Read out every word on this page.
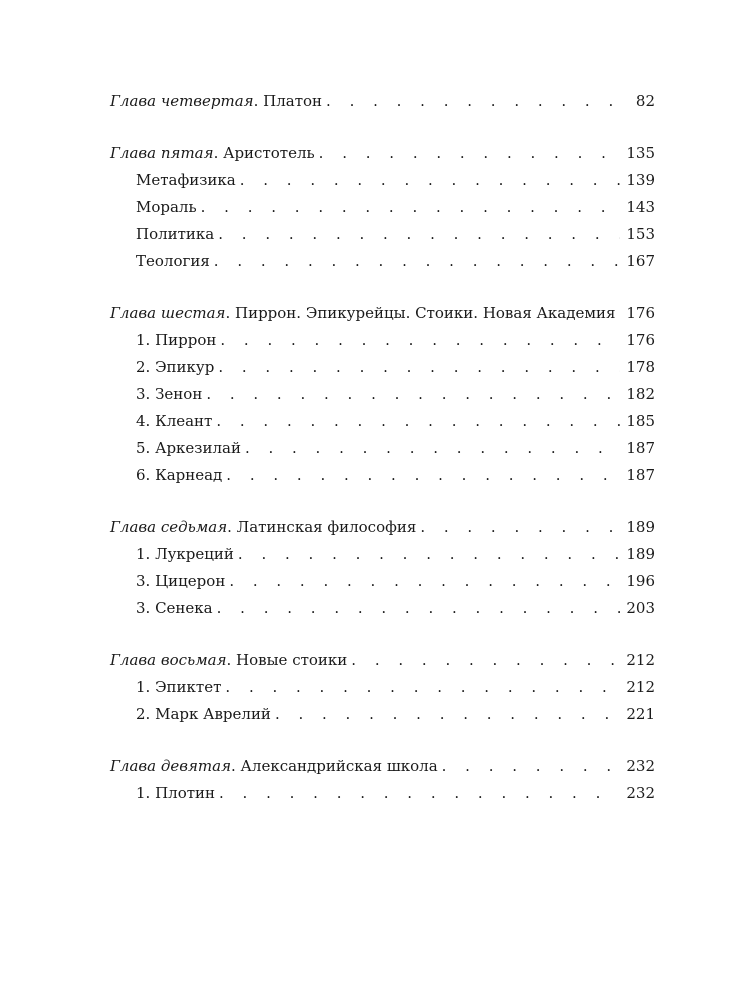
Глава четвертая. Платон . . .	82
Глава пятая. Аристотель . . .	135
Метафизика . . .	139
Мораль . . .	143
Политика . . .	153
Теология . . .	167
Глава шестая. Пиррон. Эпикурейцы. Стоики. Новая Академия . . . 176
1. Пиррон . . .	176
2. Эпикур . . .	178
3. Зенон . . .	182
4. Клеант . . .	185
5. Аркезилай . . .	187
6. Карнеад . . .	187
Глава седьмая. Латинская философия . . .	189
1. Лукреций . . .	189
3. Цицерон . . .	196
3. Сенека . . .	203
Глава восьмая. Новые стоики . . .	212
1. Эпиктет . . .	212
2. Марк Аврелий . . .	221
Глава девятая. Александрийская школа . . .	232
1. Плотин . . .	232
